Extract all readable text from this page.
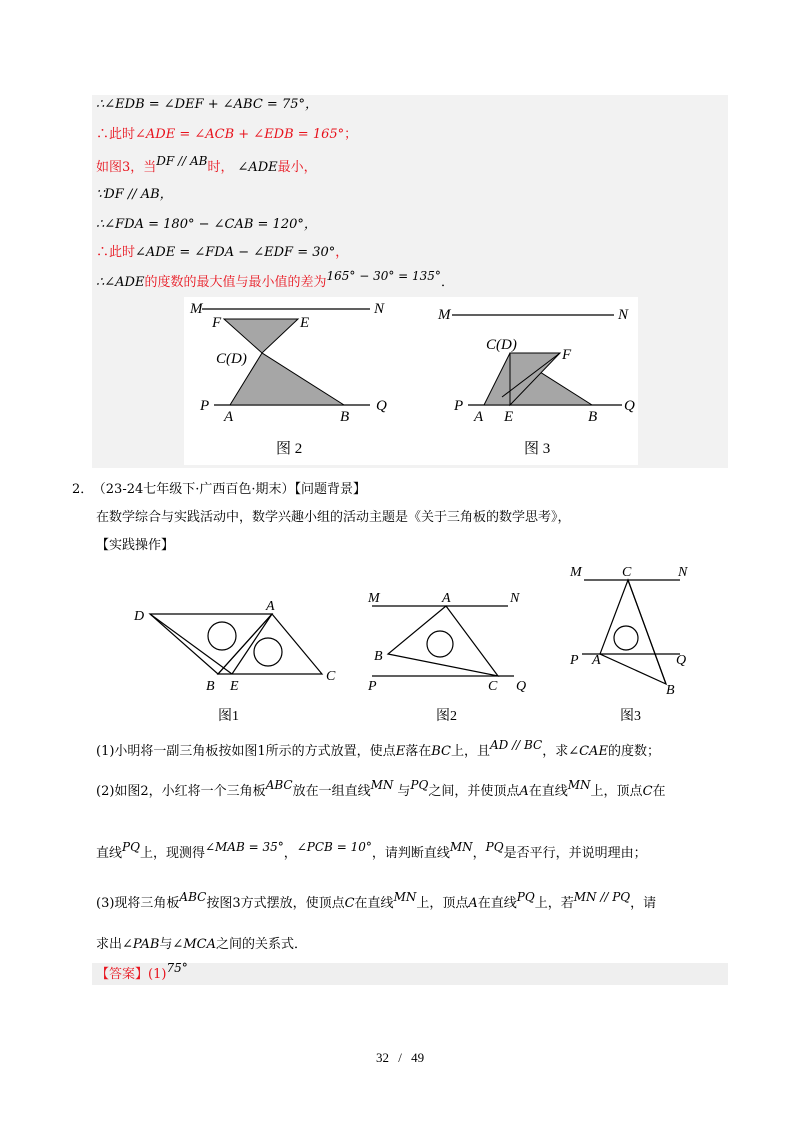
∴∠EDB = ∠DEF + ∠ABC = 75°，
∴此时∠ADE = ∠ACB + ∠EDB = 165°；
如图3，当DF // AB时， ∠ADE最小，
∵DF // AB，
∴∠FDA = 180° − ∠CAB = 120°，
∴此时∠ADE = ∠FDA − ∠EDF = 30°，
∴∠ADE的度数的最大值与最小值的差为165° − 30° = 135°．
M	N
F	E
C(D)
P
A	B
Q
图 2
M	N
C(D)
F
P
A E	B
Q
图 3
2． （23-24七年级下·广西百色·期末）【问题背景】
在数学综合与实践活动中，数学兴趣小组的活动主题是《关于三角板的数学思考》，
【实践操作】
D
A
B E
C
图1
M	A	N
B
P	C Q
图2
M	C	N
P A	Q
B
图3
(1)小明将一副三角板按如图1所示的方式放置，使点E落在BC上，且AD // BC，求∠CAE的度数；
(2)如图2，小红将一个三角板ABC放在一组直线MN 与PQ之间，并使顶点A在直线MN上，顶点C在
直线PQ上，现测得∠MAB = 35°，∠PCB = 10°，请判断直线MN，PQ是否平行，并说明理由；
(3)现将三角板ABC按图3方式摆放，使顶点C在直线MN上，顶点A在直线PQ上，若MN // PQ，请
求出∠PAB与∠MCA之间的关系式．
【答案】(1)75°
32 / 49
